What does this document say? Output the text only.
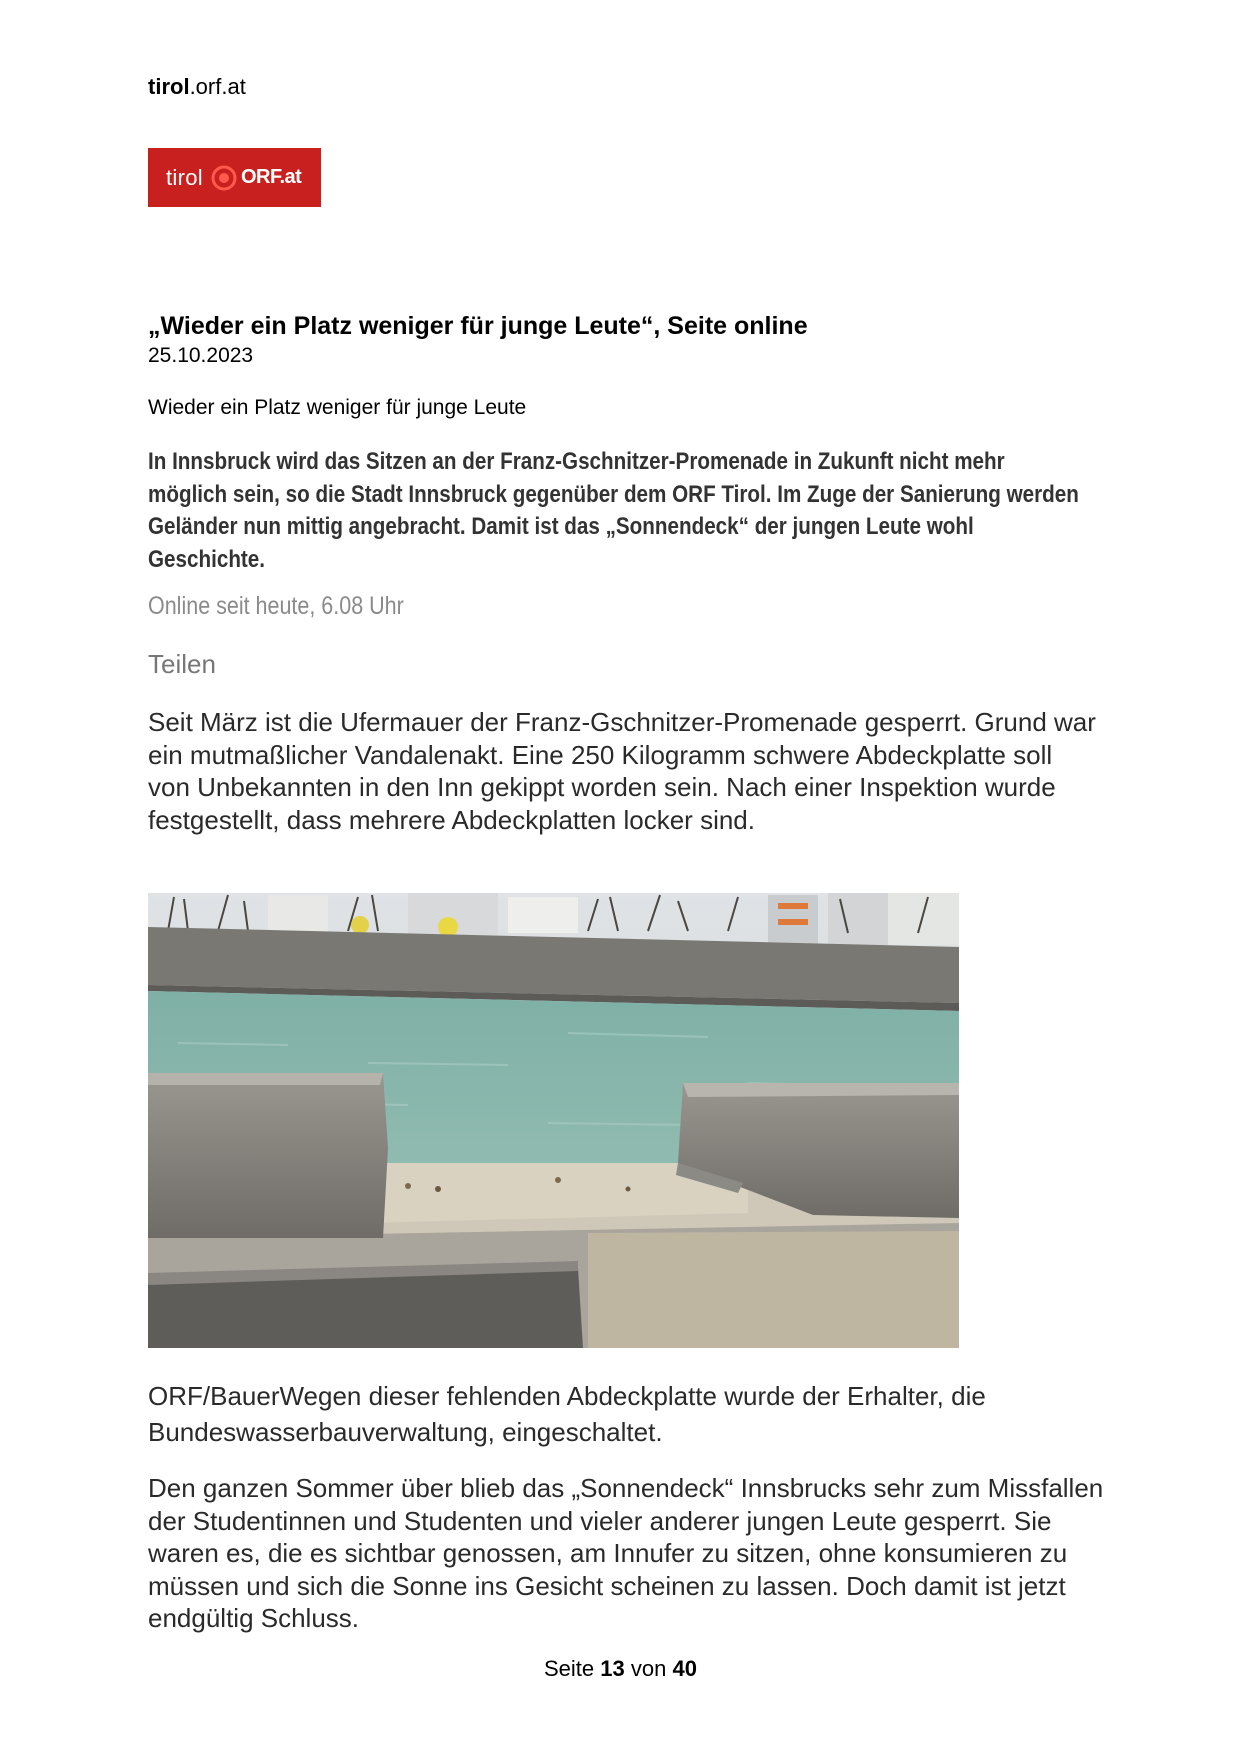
tirol.orf.at
tirol ORF.at
„Wieder ein Platz weniger für junge Leute“, Seite online
25.10.2023
Wieder ein Platz weniger für junge Leute
In Innsbruck wird das Sitzen an der Franz-Gschnitzer-Promenade in Zukunft nicht mehr möglich sein, so die Stadt Innsbruck gegenüber dem ORF Tirol. Im Zuge der Sanierung werden Geländer nun mittig angebracht. Damit ist das „Sonnendeck“ der jungen Leute wohl Geschichte.
Online seit heute, 6.08 Uhr
Teilen
Seit März ist die Ufermauer der Franz-Gschnitzer-Promenade gesperrt. Grund war ein mutmaßlicher Vandalenakt. Eine 250 Kilogramm schwere Abdeckplatte soll von Unbekannten in den Inn gekippt worden sein. Nach einer Inspektion wurde festgestellt, dass mehrere Abdeckplatten locker sind.
ORF/BauerWegen dieser fehlenden Abdeckplatte wurde der Erhalter, die Bundeswasserbauverwaltung, eingeschaltet.
Den ganzen Sommer über blieb das „Sonnendeck“ Innsbrucks sehr zum Missfallen der Studentinnen und Studenten und vieler anderer jungen Leute gesperrt. Sie waren es, die es sichtbar genossen, am Innufer zu sitzen, ohne konsumieren zu müssen und sich die Sonne ins Gesicht scheinen zu lassen. Doch damit ist jetzt endgültig Schluss.
Seite 13 von 40
